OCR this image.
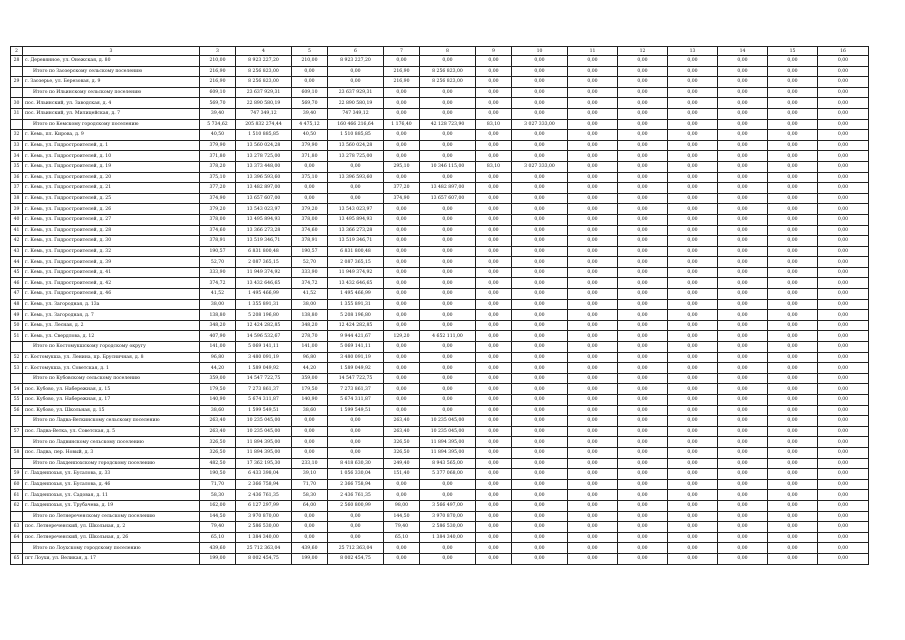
2	3	3	4	5	6	7	8	9	10	11	12	13	14	15	16
28	с. Деревянное, ул. Онежская, д. 80	210,00	8 923 227,20	210,00	8 923 227,20	0,00	0,00	0,00	0,00	0,00	0,00	0,00	0,00	0,00	0,00
	Итого по Заозерскому сельскому поселению	216,90	8 256 823,00	0,00	0,00	216,90	8 256 823,00	0,00	0,00	0,00	0,00	0,00	0,00	0,00	0,00
29	г. Заозерье, ул. Березовая, д. 9	216,90	8 256 823,00	0,00	0,00	216,90	8 256 823,00	0,00	0,00	0,00	0,00	0,00	0,00	0,00	0,00
	Итого по Ильинскому сельскому поселению	609,10	23 637 929,31	609,10	23 637 929,31	0,00	0,00	0,00	0,00	0,00	0,00	0,00	0,00	0,00	0,00
30	пос. Ильинский, ул. Заводская, д. 4	569,70	22 890 580,19	569,70	22 890 580,19	0,00	0,00	0,00	0,00	0,00	0,00	0,00	0,00	0,00	0,00
31	пос. Ильинский, ул. Милицейская, д. 7	39,40	747 349,12	39,40	747 349,12	0,00	0,00	0,00	0,00	0,00	0,00	0,00	0,00	0,00	0,00
	Итого по Кемскому городскому поселению	5 734,62	205 832 274,44	4 475,12	160 466 216,64	1 176,40	42 128 723,90	83,10	3 027 333,00	0,00	0,00	0,00	0,00	0,00	0,00
32	г. Кемь, пл. Кирова, д. 9	40,50	1 510 885,85	40,50	1 510 885,85	0,00	0,00	0,00	0,00	0,00	0,00	0,00	0,00	0,00	0,00
33	г. Кемь, ул. Гидростроителей, д. 1	379,90	13 560 024,28	379,90	13 560 024,28	0,00	0,00	0,00	0,00	0,00	0,00	0,00	0,00	0,00	0,00
34	г. Кемь, ул. Гидростроителей, д. 10	371,80	13 278 725,00	371,80	13 278 725,00	0,00	0,00	0,00	0,00	0,00	0,00	0,00	0,00	0,00	0,00
35	г. Кемь, ул. Гидростроителей, д. 19	378,20	13 373 448,00	0,00	0,00	295,10	10 346 115,00	83,10	3 027 333,00	0,00	0,00	0,00	0,00	0,00	0,00
36	г. Кемь, ул. Гидростроителей, д. 20	375,10	13 396 593,60	375,10	13 396 593,60	0,00	0,00	0,00	0,00	0,00	0,00	0,00	0,00	0,00	0,00
37	г. Кемь, ул. Гидростроителей, д. 21	377,20	13 482 897,00	0,00	0,00	377,20	13 482 897,00	0,00	0,00	0,00	0,00	0,00	0,00	0,00	0,00
38	г. Кемь, ул. Гидростроителей, д. 25	374,90	13 657 607,00	0,00	0,00	374,90	13 657 607,00	0,00	0,00	0,00	0,00	0,00	0,00	0,00	0,00
39	г. Кемь, ул. Гидростроителей, д. 26	379,20	13 543 023,97	379,20	13 543 023,97	0,00	0,00	0,00	0,00	0,00	0,00	0,00	0,00	0,00	0,00
40	г. Кемь, ул. Гидростроителей, д. 27	378,00	13 495 894,93	378,00	13 495 894,93	0,00	0,00	0,00	0,00	0,00	0,00	0,00	0,00	0,00	0,00
41	г. Кемь, ул. Гидростроителей, д. 28	374,60	13 366 273,28	374,60	13 366 273,28	0,00	0,00	0,00	0,00	0,00	0,00	0,00	0,00	0,00	0,00
42	г. Кемь, ул. Гидростроителей, д. 30	378,91	13 519 346,71	378,91	13 519 346,71	0,00	0,00	0,00	0,00	0,00	0,00	0,00	0,00	0,00	0,00
43	г. Кемь, ул. Гидростроителей, д. 32	190,57	6 831 800,48	190,57	6 831 800,48	0,00	0,00	0,00	0,00	0,00	0,00	0,00	0,00	0,00	0,00
44	г. Кемь, ул. Гидростроителей, д. 39	52,70	2 087 365,15	52,70	2 087 365,15	0,00	0,00	0,00	0,00	0,00	0,00	0,00	0,00	0,00	0,00
45	г. Кемь, ул. Гидростроителей, д. 41	333,90	11 949 374,92	333,90	11 949 374,92	0,00	0,00	0,00	0,00	0,00	0,00	0,00	0,00	0,00	0,00
46	г. Кемь, ул. Гидростроителей, д. 42	374,72	13 432 646,65	374,72	13 432 646,65	0,00	0,00	0,00	0,00	0,00	0,00	0,00	0,00	0,00	0,00
47	г. Кемь, ул. Гидростроителей, д. 46	41,52	1 495 466,99	41,52	1 495 466,99	0,00	0,00	0,00	0,00	0,00	0,00	0,00	0,00	0,00	0,00
48	г. Кемь, ул. Загородная, д. 13а	38,00	1 355 891,31	38,00	1 355 891,31	0,00	0,00	0,00	0,00	0,00	0,00	0,00	0,00	0,00	0,00
49	г. Кемь, ул. Загородная, д. 7	138,80	5 208 196,80	138,80	5 208 196,80	0,00	0,00	0,00	0,00	0,00	0,00	0,00	0,00	0,00	0,00
50	г. Кемь, ул. Лесная, д. 2	348,20	12 424 282,85	348,20	12 424 282,85	0,00	0,00	0,00	0,00	0,00	0,00	0,00	0,00	0,00	0,00
51	г. Кемь, ул. Свердлова, д. 12	407,90	14 596 532,67	278,70	9 944 421,67	129,20	4 652 111,00	0,00	0,00	0,00	0,00	0,00	0,00	0,00	0,00
	Итого по Костомукшскому городскому округу	141,00	5 069 141,11	141,00	5 069 141,11	0,00	0,00	0,00	0,00	0,00	0,00	0,00	0,00	0,00	0,00
52	г. Костомукша, ул. Ленина, пр. Брусничная, д. 8	96,80	3 480 091,19	96,80	3 480 091,19	0,00	0,00	0,00	0,00	0,00	0,00	0,00	0,00	0,00	0,00
53	г. Костомукша, ул. Советская, д. 1	44,20	1 589 049,92	44,20	1 589 049,92	0,00	0,00	0,00	0,00	0,00	0,00	0,00	0,00	0,00	0,00
	Итого по Кубовскому сельскому поселению	359,00	14 547 722,75	359,00	14 547 722,75	0,00	0,00	0,00	0,00	0,00	0,00	0,00	0,00	0,00	0,00
54	пос. Кубово, ул. Набережная, д. 15	179,50	7 273 861,37	179,50	7 273 861,37	0,00	0,00	0,00	0,00	0,00	0,00	0,00	0,00	0,00	0,00
55	пос. Кубово, ул. Набережная, д. 17	140,90	5 674 311,87	140,90	5 674 311,87	0,00	0,00	0,00	0,00	0,00	0,00	0,00	0,00	0,00	0,00
56	пос. Кубово, ул. Школьная, д. 15	38,60	1 599 549,51	38,60	1 599 549,51	0,00	0,00	0,00	0,00	0,00	0,00	0,00	0,00	0,00	0,00
	Итого по Ладва-Веткинскому сельскому поселению	263,40	10 235 045,00	0,00	0,00	263,40	10 235 045,00	0,00	0,00	0,00	0,00	0,00	0,00	0,00	0,00
57	пос. Ладва-Ветка, ул. Советская, д. 5	263,40	10 235 045,00	0,00	0,00	263,40	10 235 045,00	0,00	0,00	0,00	0,00	0,00	0,00	0,00	0,00
	Итого по Ладвинскому сельскому поселению	326,50	11 894 395,00	0,00	0,00	326,50	11 894 395,00	0,00	0,00	0,00	0,00	0,00	0,00	0,00	0,00
58	пос. Ладва, пер. Новый, д. 3	326,50	11 894 395,00	0,00	0,00	326,50	11 894 395,00	0,00	0,00	0,00	0,00	0,00	0,00	0,00	0,00
	Итого по Лахденпохскому городскому поселению	482,50	17 362 195,30	233,10	8 418 630,30	249,40	8 943 565,00	0,00	0,00	0,00	0,00	0,00	0,00	0,00	0,00
59	г. Лахденпохья, ул. Бусалова, д. 33	190,50	6 433 398,04	39,10	1 056 330,04	151,40	5 377 068,00	0,00	0,00	0,00	0,00	0,00	0,00	0,00	0,00
60	г. Лахденпохья, ул. Бусалова, д. 46	71,70	2 366 758,94	71,70	2 366 758,94	0,00	0,00	0,00	0,00	0,00	0,00	0,00	0,00	0,00	0,00
61	г. Лахденпохья, ул. Садовая, д. 11	58,30	2 436 761,35	58,30	2 436 761,35	0,00	0,00	0,00	0,00	0,00	0,00	0,00	0,00	0,00	0,00
62	г. Лахденпохья, ул. Трубачева, д. 19	162,00	6 127 297,99	64,00	2 560 800,99	98,00	3 566 497,00	0,00	0,00	0,00	0,00	0,00	0,00	0,00	0,00
	Итого по Летнереченскому сельскому поселению	144,50	3 970 870,00	0,00	0,00	144,50	3 970 870,00	0,00	0,00	0,00	0,00	0,00	0,00	0,00	0,00
63	пос. Летнереченский, ул. Школьная, д. 2	79,40	2 586 530,00	0,00	0,00	79,40	2 586 530,00	0,00	0,00	0,00	0,00	0,00	0,00	0,00	0,00
64	пос. Летнереченский, ул. Школьная, д. 26	65,10	1 384 340,00	0,00	0,00	65,10	1 384 340,00	0,00	0,00	0,00	0,00	0,00	0,00	0,00	0,00
	Итого по Лоухскому городскому поселению	439,60	25 712 363,04	439,60	25 712 363,04	0,00	0,00	0,00	0,00	0,00	0,00	0,00	0,00	0,00	0,00
65	пгт Лоухи, ул. Великая, д. 17	199,00	8 002 454,75	199,00	8 002 454,75	0,00	0,00	0,00	0,00	0,00	0,00	0,00	0,00	0,00	0,00
